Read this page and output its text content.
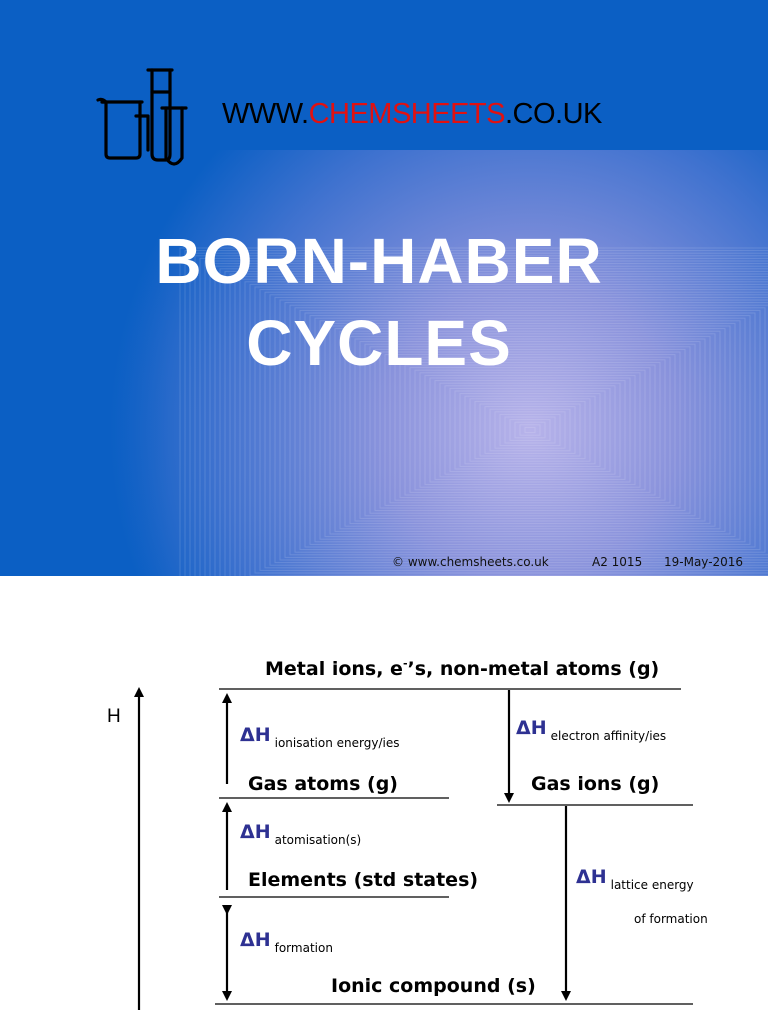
WWW.CHEMSHEETS.CO.UK
BORN-HABER
CYCLES
© www.chemsheets.co.uk	A2 1015 19-May-2016
H
Metal ions, e-’s, non-metal atoms (g)
Gas atoms (g)	Gas ions (g)
Elements (std states)
Ionic compound (s)
ΔH $_{ionisation energy/ies}$
ΔH $_{electron affinity/ies}$
ΔH $_{atomisation(s)}$
ΔH $_{formation}$
ΔH $_{lattice energy}$
of formation
